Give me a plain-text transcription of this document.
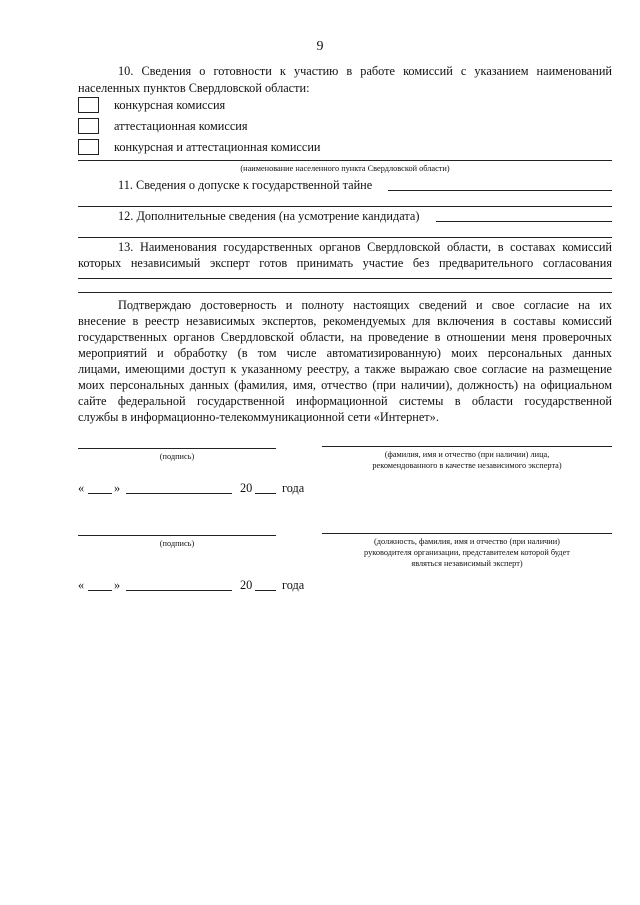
9
10. Сведения о готовности к участию в работе комиссий с указанием наименований
населенных пунктов Свердловской области:
конкурсная комиссия
аттестационная комиссия
конкурсная и аттестационная комиссии
(наименование населенного пункта Свердловской области)
11. Сведения о допуске к государственной тайне
12. Дополнительные сведения (на усмотрение кандидата)
13. Наименования государственных органов Свердловской области, в составах комиссий
которых независимый эксперт готов принимать участие без предварительного согласования
Подтверждаю достоверность и полноту настоящих сведений и свое согласие на их
внесение в реестр независимых экспертов, рекомендуемых для включения в составы комиссий
государственных органов Свердловской области, на проведение в отношении меня проверочных
мероприятий и обработку (в том числе автоматизированную) моих персональных данных
лицами, имеющими доступ к указанному реестру, а также выражаю свое согласие на размещение
моих персональных данных (фамилия, имя, отчество (при наличии), должность) на официальном
сайте федеральной государственной информационной системы в области государственной
службы в информационно-телекоммуникационной сети «Интернет».
(подпись)	(фамилия, имя и отчество (при наличии) лица,
рекомендованного в качестве независимого эксперта)
« »	20 года
(подпись)	(должность, фамилия, имя и отчество (при наличии)
руководителя организации, представителем которой будет
являться независимый эксперт)
« »	20 года
